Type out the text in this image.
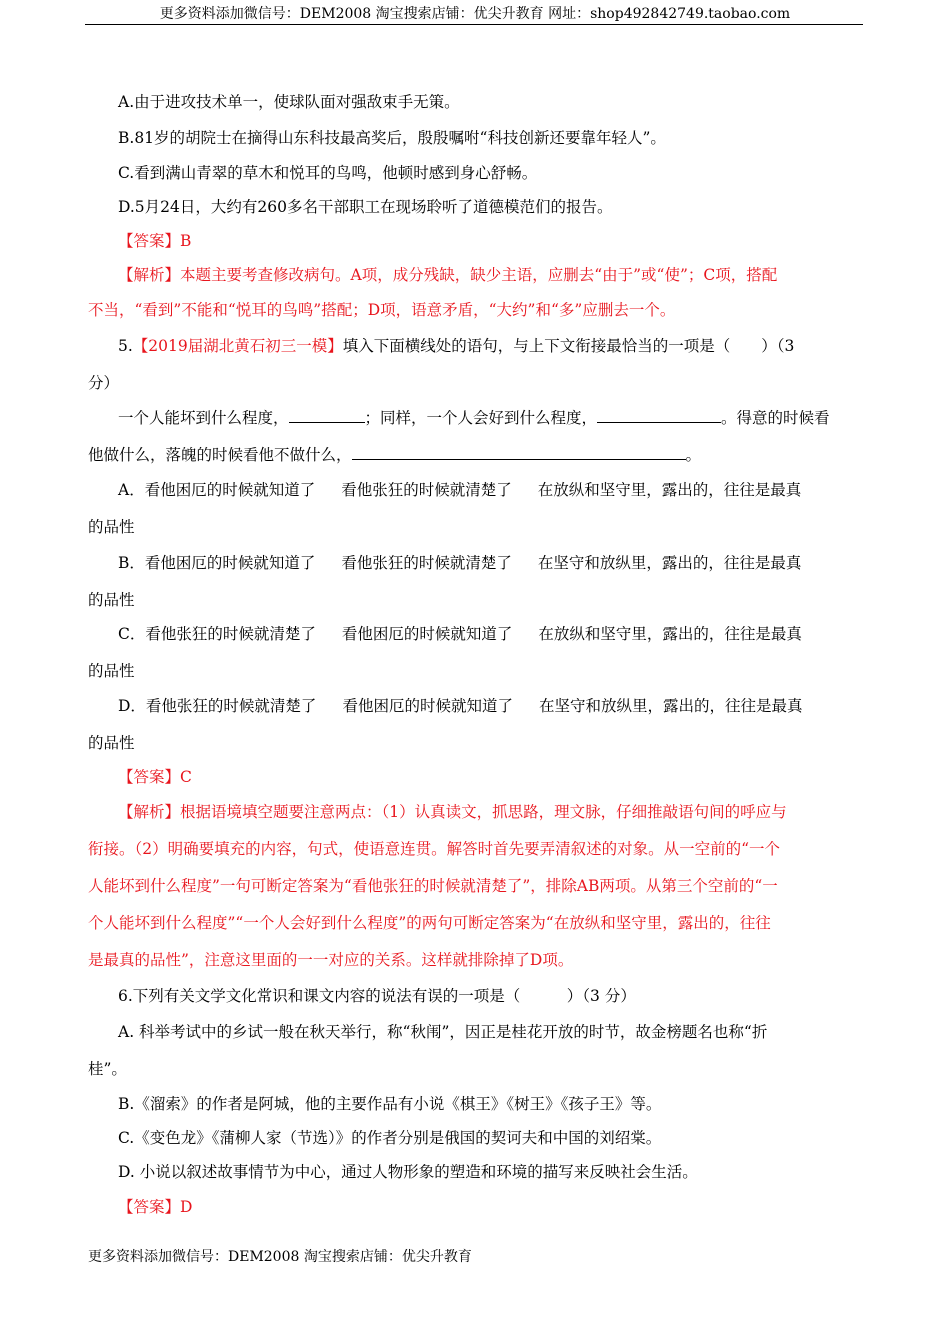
更多资料添加微信号：DEM2008 淘宝搜索店铺：优尖升教育 网址：shop492842749.taobao.com
A.由于进攻技术单一，使球队面对强敌束手无策。
B.81岁的胡院士在摘得山东科技最高奖后，殷殷嘱咐“科技创新还要靠年轻人”。
C.看到满山青翠的草木和悦耳的鸟鸣，他顿时感到身心舒畅。
D.5月24日，大约有260多名干部职工在现场聆听了道德模范们的报告。
【答案】B
【解析】本题主要考查修改病句。A项，成分残缺，缺少主语，应删去“由于”或“使”；C项，搭配
不当，“看到”不能和“悦耳的鸟鸣”搭配；D项，语意矛盾，“大约”和“多”应删去一个。
5.【2019届湖北黄石初三一模】填入下面横线处的语句，与上下文衔接最恰当的一项是（　　）（3
分）
一个人能坏到什么程度，	；同样，一个人会好到什么程度，	。得意的时候看
他做什么，落魄的时候看他不做什么，	。
A．看他困厄的时候就知道了 看他张狂的时候就清楚了 在放纵和坚守里，露出的，往往是最真
的品性
B．看他困厄的时候就知道了 看他张狂的时候就清楚了 在坚守和放纵里，露出的，往往是最真
的品性
C．看他张狂的时候就清楚了 看他困厄的时候就知道了 在放纵和坚守里，露出的，往往是最真
的品性
D．看他张狂的时候就清楚了 看他困厄的时候就知道了 在坚守和放纵里，露出的，往往是最真
的品性
【答案】C
【解析】根据语境填空题要注意两点：（1）认真读文，抓思路，理文脉，仔细推敲语句间的呼应与
衔接。（2）明确要填充的内容，句式，使语意连贯。解答时首先要弄清叙述的对象。从一空前的“一个
人能坏到什么程度”一句可断定答案为“看他张狂的时候就清楚了”，排除AB两项。从第三个空前的“一
个人能坏到什么程度”“一个人会好到什么程度”的两句可断定答案为“在放纵和坚守里，露出的，往往
是最真的品性”，注意这里面的一一对应的关系。这样就排除掉了D项。
6.下列有关文学文化常识和课文内容的说法有误的一项是（　　　）（3 分）
A. 科举考试中的乡试一般在秋天举行，称“秋闱”，因正是桂花开放的时节，故金榜题名也称“折
桂”。
B.《溜索》的作者是阿城，他的主要作品有小说《棋王》《树王》《孩子王》等。
C.《变色龙》《蒲柳人家（节选）》的作者分别是俄国的契诃夫和中国的刘绍棠。
D. 小说以叙述故事情节为中心，通过人物形象的塑造和环境的描写来反映社会生活。
【答案】D
更多资料添加微信号：DEM2008 淘宝搜索店铺：优尖升教育
